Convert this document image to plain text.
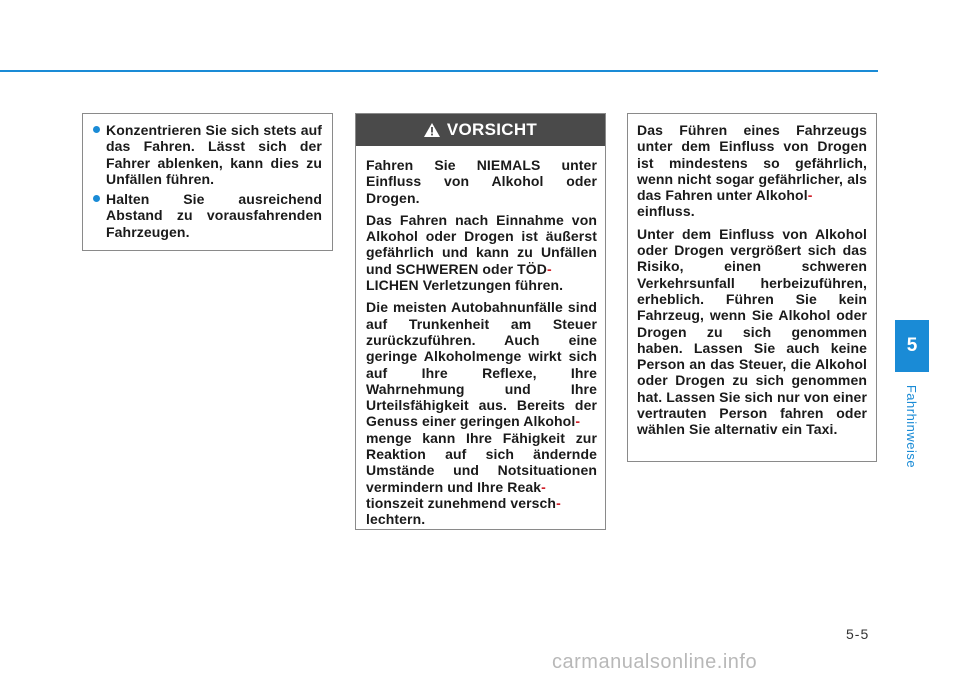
Konzentrieren Sie sich stets auf das Fahren. Lässt sich der Fahrer ablenken, kann dies zu Unfällen führen.

Halten Sie ausreichend Abstand zu vorausfahrenden Fahrzeugen.

VORSICHT

Fahren Sie NIEMALS unter Einfluss von Alkohol oder Drogen.

Das Fahren nach Einnahme von Alkohol oder Drogen ist äußerst gefährlich und kann zu Unfällen und SCHWEREN oder TÖD-
LICHEN Verletzungen führen.

Die meisten Autobahnunfälle sind auf Trunkenheit am Steuer zurückzuführen. Auch eine geringe Alkoholmenge wirkt sich auf Ihre Reflexe, Ihre Wahrnehmung und Ihre Urteilsfähigkeit aus. Bereits der Genuss einer geringen Alkohol-
menge kann Ihre Fähigkeit zur Reaktion auf sich ändernde Umstände und Notsituationen vermindern und Ihre Reak-
tionszeit zunehmend versch-
lechtern.

Das Führen eines Fahrzeugs unter dem Einfluss von Drogen ist mindestens so gefährlich, wenn nicht sogar gefährlicher, als das Fahren unter Alkohol-
einfluss.

Unter dem Einfluss von Alkohol oder Drogen vergrößert sich das Risiko, einen schweren Verkehrsunfall herbeizuführen, erheblich. Führen Sie kein Fahrzeug, wenn Sie Alkohol oder Drogen zu sich genommen haben. Lassen Sie auch keine Person an das Steuer, die Alkohol oder Drogen zu sich genommen hat. Lassen Sie sich nur von einer vertrauten Person fahren oder wählen Sie alternativ ein Taxi.

5
Fahrhinweise
5-5
carmanualsonline.info
